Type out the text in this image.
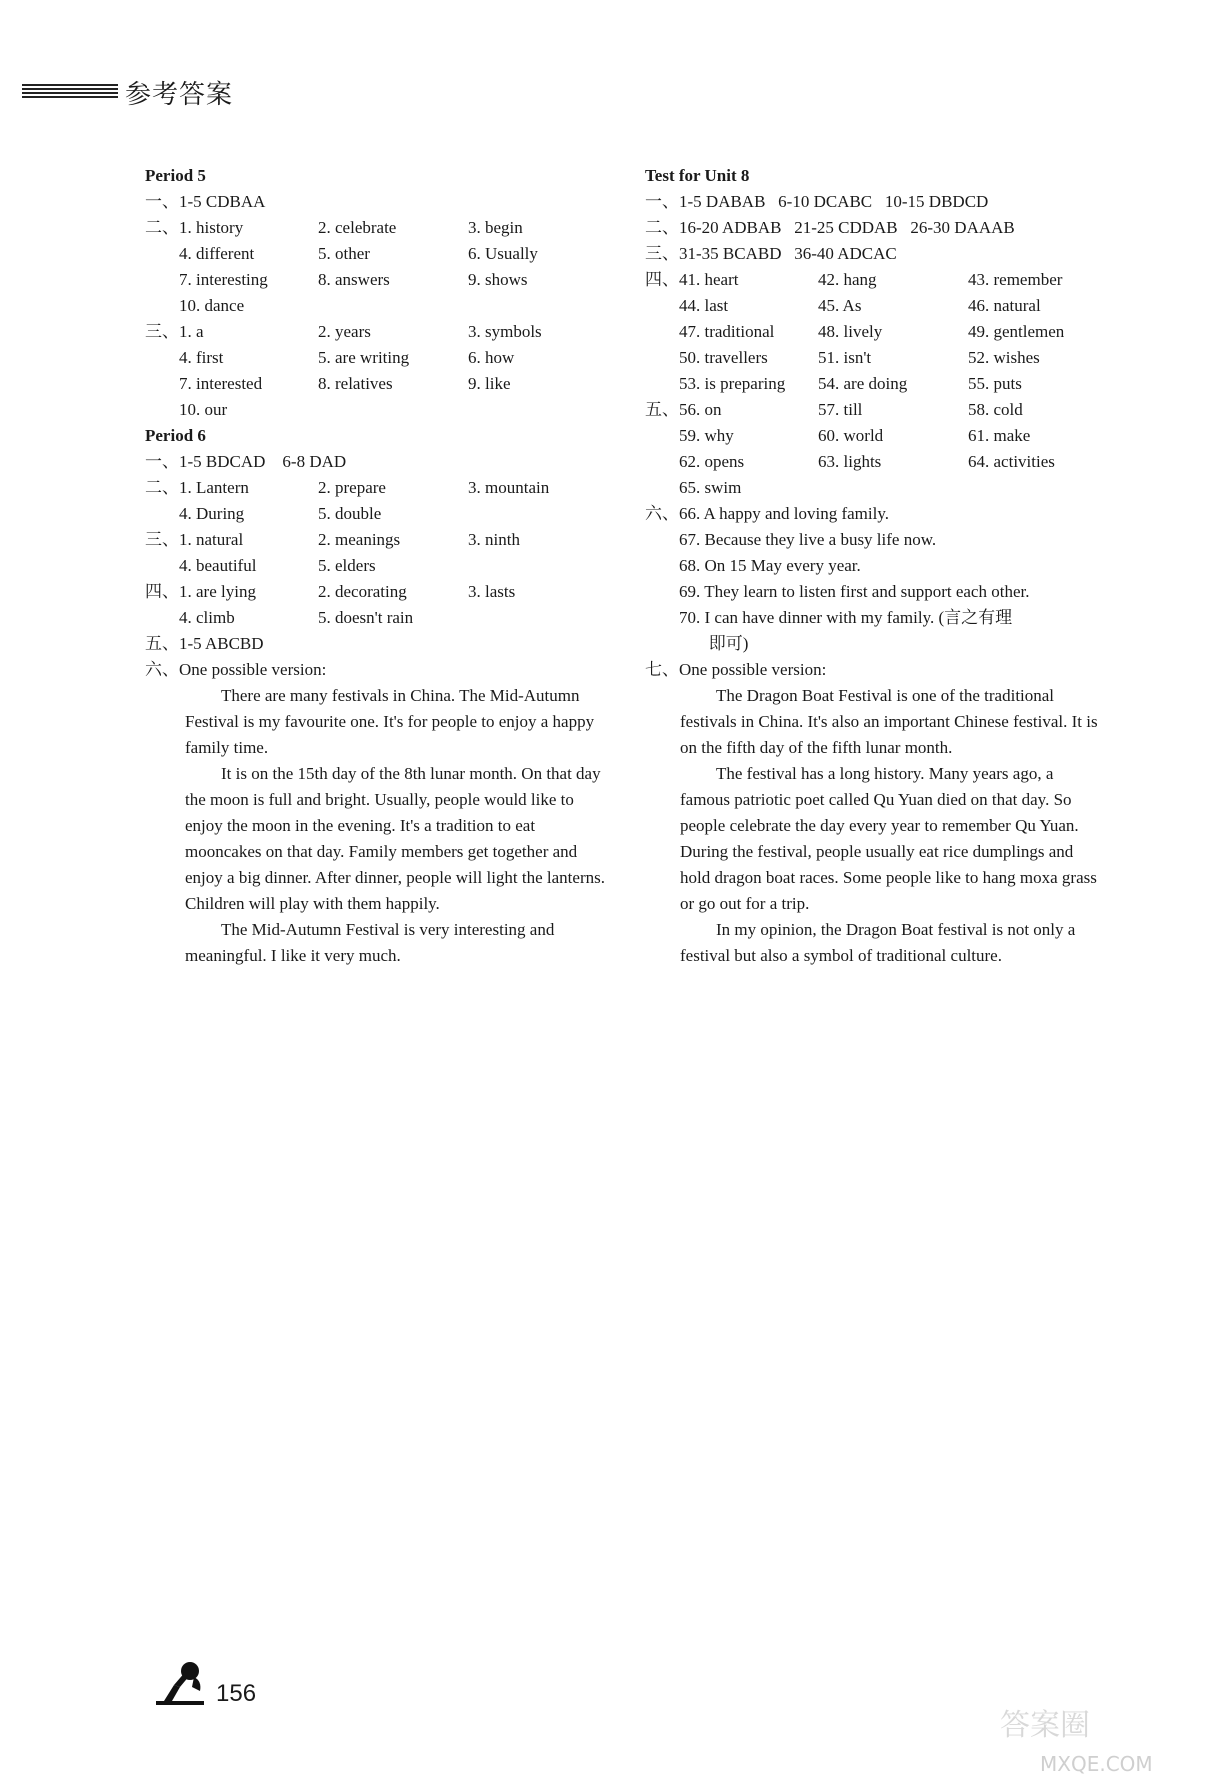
参考答案
Period 5
一、1-5 CDBAA
二、 1. history	2. celebrate	3. begin
4. different	5. other	6. Usually
7. interesting	8. answers	9. shows
10. dance
三、 1. a	2. years	3. symbols
4. first	5. are writing	6. how
7. interested	8. relatives	9. like
10. our
Period 6
一、1-5 BDCAD    6-8 DAD
二、 1. Lantern	2. prepare	3. mountain
4. During	5. double
三、 1. natural	2. meanings	3. ninth
4. beautiful	5. elders
四、 1. are lying	2. decorating	3. lasts
4. climb	5. doesn't rain
五、1-5 ABCBD
六、One possible version:

There are many festivals in China. The Mid-Autumn Festival is my favourite one. It's for people to enjoy a happy family time.

It is on the 15th day of the 8th lunar month. On that day the moon is full and bright. Usually, people would like to enjoy the moon in the evening. It's a tradition to eat mooncakes on that day. Family members get together and enjoy a big dinner. After dinner, people will light the lanterns. Children will play with them happily.

The Mid-Autumn Festival is very interesting and meaningful. I like it very much.

Test for Unit 8
一、1-5 DABAB   6-10 DCABC   10-15 DBDCD
二、16-20 ADBAB   21-25 CDDAB   26-30 DAAAB
三、31-35 BCABD   36-40 ADCAC
四、 41. heart	42. hang	43. remember
44. last	45. As	46. natural
47. traditional	48. lively	49. gentlemen
50. travellers	51. isn't	52. wishes
53. is preparing 54. are doing	55. puts
五、 56. on	57. till	58. cold
59. why	60. world	61. make
62. opens	63. lights	64. activities
65. swim
六、66. A happy and loving family.
67. Because they live a busy life now.
68. On 15 May every year.
69. They learn to listen first and support each other.
70. I can have dinner with my family. (言之有理
即可)
七、One possible version:

The Dragon Boat Festival is one of the traditional festivals in China. It's also an important Chinese festival. It is on the fifth day of the fifth lunar month.

The festival has a long history. Many years ago, a famous patriotic poet called Qu Yuan died on that day. So people celebrate the day every year to remember Qu Yuan. During the festival, people usually eat rice dumplings and hold dragon boat races. Some people like to hang moxa grass or go out for a trip.

In my opinion, the Dragon Boat festival is not only a festival but also a symbol of traditional culture.

156
答案圈
MXQE.COM
